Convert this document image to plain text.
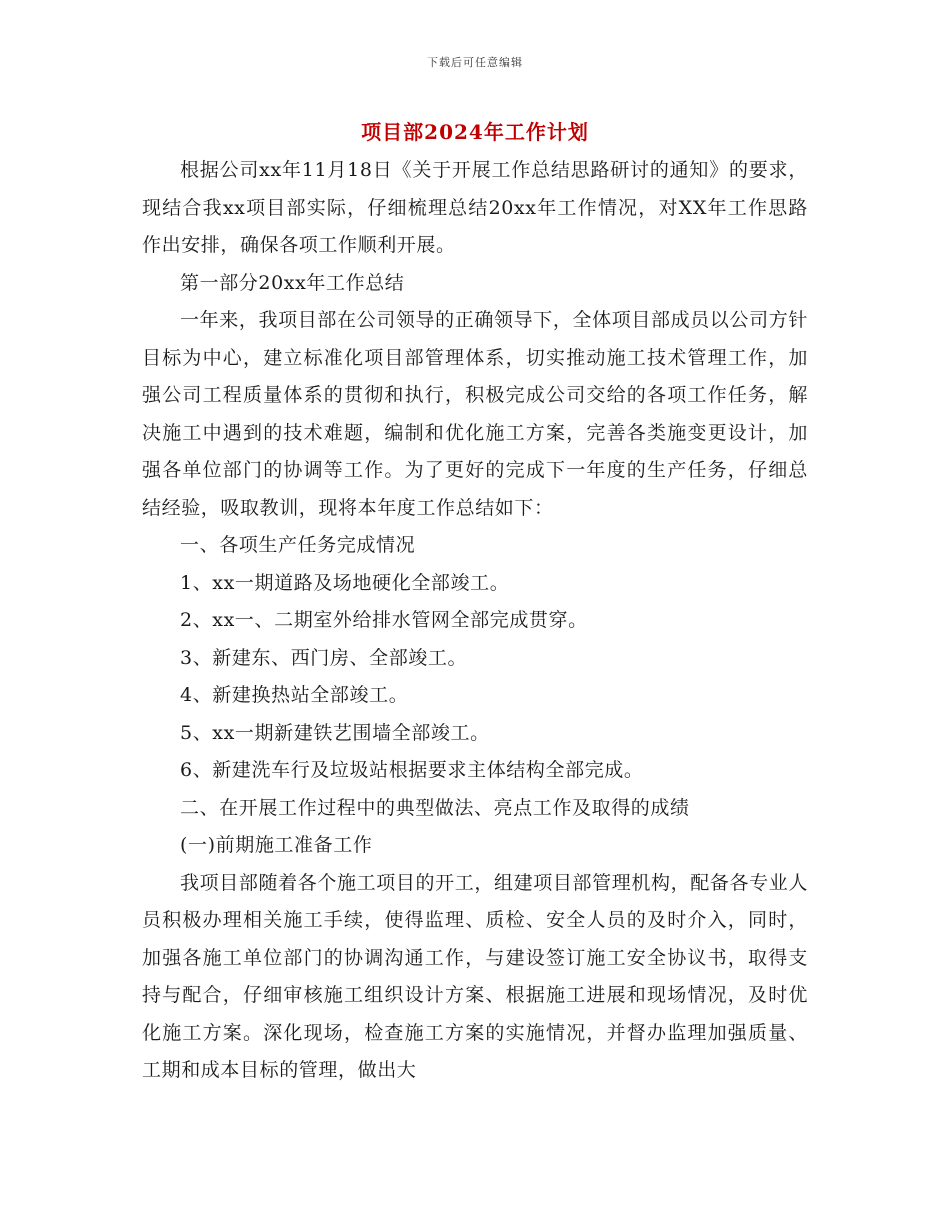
下载后可任意编辑
项目部2024年工作计划

根据公司xx年11月18日《关于开展工作总结思路研讨的通知》的要求，现结合我xx项目部实际，仔细梳理总结20xx年工作情况，对XX年工作思路作出安排，确保各项工作顺利开展。

第一部分20xx年工作总结

一年来，我项目部在公司领导的正确领导下，全体项目部成员以公司方针目标为中心，建立标准化项目部管理体系，切实推动施工技术管理工作，加强公司工程质量体系的贯彻和执行，积极完成公司交给的各项工作任务，解决施工中遇到的技术难题，编制和优化施工方案，完善各类施变更设计，加强各单位部门的协调等工作。为了更好的完成下一年度的生产任务，仔细总结经验，吸取教训，现将本年度工作总结如下：

一、各项生产任务完成情况

1、xx一期道路及场地硬化全部竣工。

2、xx一、二期室外给排水管网全部完成贯穿。

3、新建东、西门房、全部竣工。

4、新建换热站全部竣工。

5、xx一期新建铁艺围墙全部竣工。

6、新建洗车行及垃圾站根据要求主体结构全部完成。

二、在开展工作过程中的典型做法、亮点工作及取得的成绩

(一)前期施工准备工作

我项目部随着各个施工项目的开工，组建项目部管理机构，配备各专业人员积极办理相关施工手续，使得监理、质检、安全人员的及时介入，同时，加强各施工单位部门的协调沟通工作，与建设签订施工安全协议书，取得支持与配合，仔细审核施工组织设计方案、根据施工进展和现场情况，及时优化施工方案。深化现场，检查施工方案的实施情况，并督办监理加强质量、工期和成本目标的管理，做出大
